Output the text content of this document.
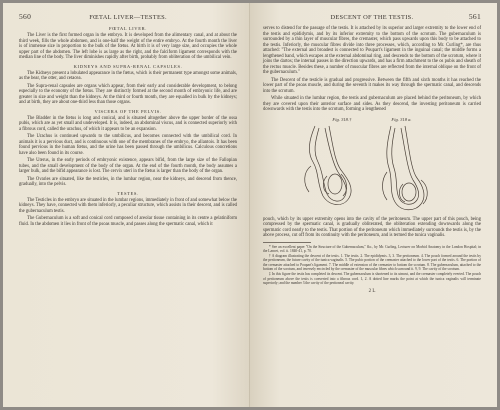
560	FŒTAL LIVER—TESTES.
FŒTAL LIVER.

The Liver is the first formed organ in the embryo. It is developed from the alimentary canal, and at about the third week, fills the whole abdomen, and is one-half the weight of the entire embryo. At the fourth month the liver is of immense size in proportion to the bulk of the fœtus. At birth it is of very large size, and occupies the whole upper part of the abdomen. The left lobe is as large as the right, and the falciform ligament corresponds with the median line of the body. The liver diminishes rapidly after birth, probably from obliteration of the umbilical vein.

KIDNEYS AND SUPRA-RENAL CAPSULES.

The Kidneys present a lobulated appearance in the fœtus, which is their permanent type amongst some animals, as the bear, the otter, and cetacea.

The Supra-renal capsules are organs which appear, from their early and considerable development, to belong especially to the economy of the fœtus. They are distinctly formed at the second month of embryonic life, and are greater in size and weight than the kidneys. At the third or fourth month, they are equalled in bulk by the kidneys; and at birth, they are about one-third less than those organs.

VISCERA OF THE PELVIS.

The Bladder in the fœtus is long and conical, and is situated altogether above the upper border of the ossa pubis, which are as yet small and undeveloped. It is, indeed, an abdominal viscus, and is connected superiorly with a fibrous cord, called the urachus, of which it appears to be an expansion.

The Urachus is continued upwards to the umbilicus, and becomes connected with the umbilical cord. In animals it is a pervious duct, and is continuous with one of the membranes of the embryo, the allantois. It has been found pervious in the human fœtus, and the urine has been passed through the umbilicus. Calculous concretions have also been found in its course.

The Uterus, in the early periods of embryonic existence, appears bifid, from the large size of the Fallopian tubes, and the small development of the body of the organ. At the end of the fourth month, the body assumes a larger bulk, and the bifid appearance is lost. The cervix uteri in the fœtus is larger than the body of the organ.

The Ovaries are situated, like the testicles, in the lumbar region, near the kidneys, and descend from thence, gradually, into the pelvis.

TESTES.

The Testicles in the embryo are situated in the lumbar regions, immediately in front of and somewhat below the kidneys. They have, connected with them inferiorly, a peculiar structure, which assists in their descent, and is called the gubernaculum testis.

The Gubernaculum is a soft and conical cord composed of areolar tissue containing in its centre a gelatiniform fluid. In the abdomen it lies in front of the psoas muscle, and passes along the spermatic canal, which it

DESCENT OF THE TESTIS.	561

serves to distend for the passage of the testis. It is attached by its superior and larger extremity to the lower end of the testis and epididymis, and by its inferior extremity to the bottom of the scrotum. The gubernaculum is surrounded by a thin layer of muscular fibres, the cremaster, which pass upwards upon this body to be attached to the testis. Inferiorly, the muscular fibres divide into three processes, which, according to Mr. Curling*, are thus attached: "The external and broadest is connected to Poupart's ligament in the inguinal canal; the middle forms a lengthened band, which escapes at the external abdominal ring, and descends to the bottom of the scrotum, where it joins the dartos; the internal passes in the direction upwards, and has a firm attachment to the os pubis and sheath of the rectus muscle. Besides these, a number of muscular fibres are reflected from the internal oblique on the front of the gubernaculum."

The Descent of the testicle is gradual and progressive. Between the fifth and sixth months it has reached the lower part of the psoas muscle, and during the seventh it makes its way through the spermatic canal, and descends into the scrotum.

While situated in the lumbar region, the testis and gubernaculum are placed behind the peritoneum, by which they are covered upon their anterior surface and sides. As they descend, the investing peritoneum is carried downwards with the testis into the scrotum, forming a lengthened

Fig. 318.†	Fig. 318 a.

pouch, which by its upper extremity opens into the cavity of the peritoneum. The upper part of this pouch, being compressed by the spermatic canal, is gradually obliterated, the obliteration extending downwards along the spermatic cord nearly to the testis. That portion of the peritoneum which immediately surrounds the testis is, by the above process, cut off from its continuity with the peritoneum, and is termed the tunica vaginalis.

* See an excellent paper "On the Structure of the Gubernaculum," &c., by Mr. Curling, Lecturer on Morbid Anatomy in the London Hospital; in the Lancet, vol. ii. 1840-41, p. 70.

† A diagram illustrating the descent of the testis. 1. The testis. 2. The epididymis. 3, 3. The peritoneum. 4. The pouch formed around the testis by the peritoneum, the future cavity of the tunica vaginalis. 5. The pubic portion of the cremaster attached to the lower part of the testis. 6. The portion of the cremaster attached to Poupart's ligament. 7. The middle of extension of the cremaster to bottom the scrotum. 8. The gubernaculum, attached to the bottom of the scrotum, and inversely encircled by the cremaster of the muscular fibres which surround it. 9, 9. The cavity of the scrotum.

‡ In this figure the testis has completed its descent. The gubernaculum is shortened to its utmost, and the cremaster completely everted. The pouch of peritoneum above the testis is converted into a fibrous cord. 1, 2. A dotted line marks the point at which the tunica vaginalis will terminate superiorly; and the number 3 the cavity of the peritoneal cavity.

2 L
